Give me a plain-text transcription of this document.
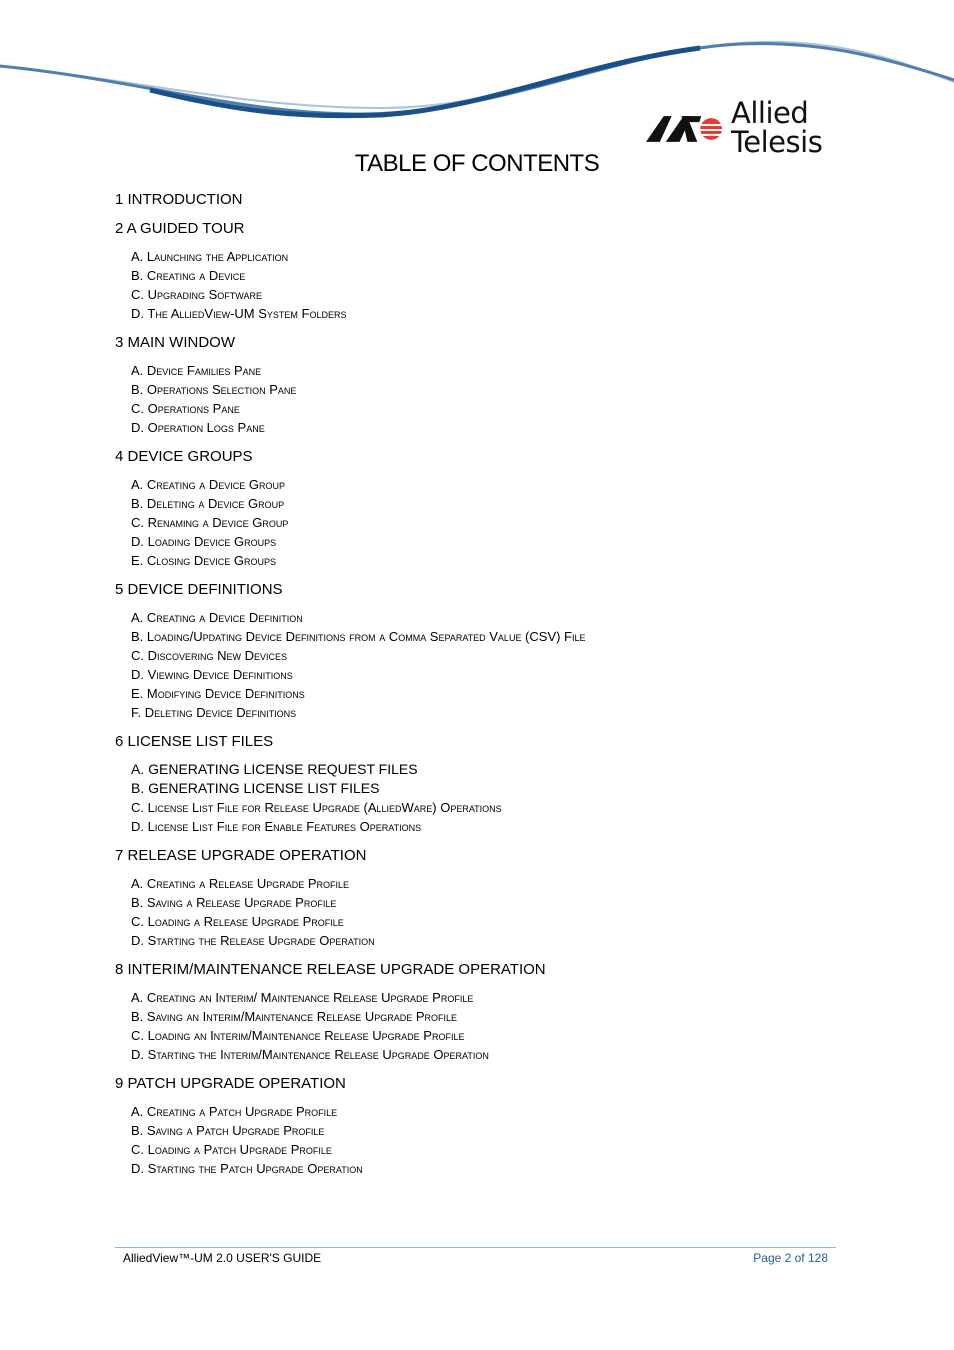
Allied Telesis
TABLE OF CONTENTS
1 INTRODUCTION
2 A GUIDED TOUR
A. Launching the Application
B. Creating a Device
C. Upgrading Software
D. The AlliedView-UM System Folders
3 MAIN WINDOW
A. Device Families Pane
B. Operations Selection Pane
C. Operations Pane
D. Operation Logs Pane
4 DEVICE GROUPS
A. Creating a Device Group
B. Deleting a Device Group
C. Renaming a Device Group
D. Loading Device Groups
E. Closing Device Groups
5 DEVICE DEFINITIONS
A. Creating a Device Definition
B. Loading/Updating Device Definitions from a Comma Separated Value (CSV) File
C. Discovering New Devices
D. Viewing Device Definitions
E. Modifying Device Definitions
F. Deleting Device Definitions
6 LICENSE LIST FILES
A. GENERATING LICENSE REQUEST FILES
B. GENERATING LICENSE LIST FILES
C. License List File for Release Upgrade (AlliedWare) Operations
D. License List File for Enable Features Operations
7 RELEASE UPGRADE OPERATION
A. Creating a Release Upgrade Profile
B. Saving a Release Upgrade Profile
C. Loading a Release Upgrade Profile
D. Starting the Release Upgrade Operation
8 INTERIM/MAINTENANCE RELEASE UPGRADE OPERATION
A. Creating an Interim/ Maintenance Release Upgrade Profile
B. Saving an Interim/Maintenance Release Upgrade Profile
C. Loading an Interim/Maintenance Release Upgrade Profile
D. Starting the Interim/Maintenance Release Upgrade Operation
9 PATCH UPGRADE OPERATION
A. Creating a Patch Upgrade Profile
B. Saving a Patch Upgrade Profile
C. Loading a Patch Upgrade Profile
D. Starting the Patch Upgrade Operation
AlliedView™-UM 2.0 USER'S GUIDE	Page 2 of 128
